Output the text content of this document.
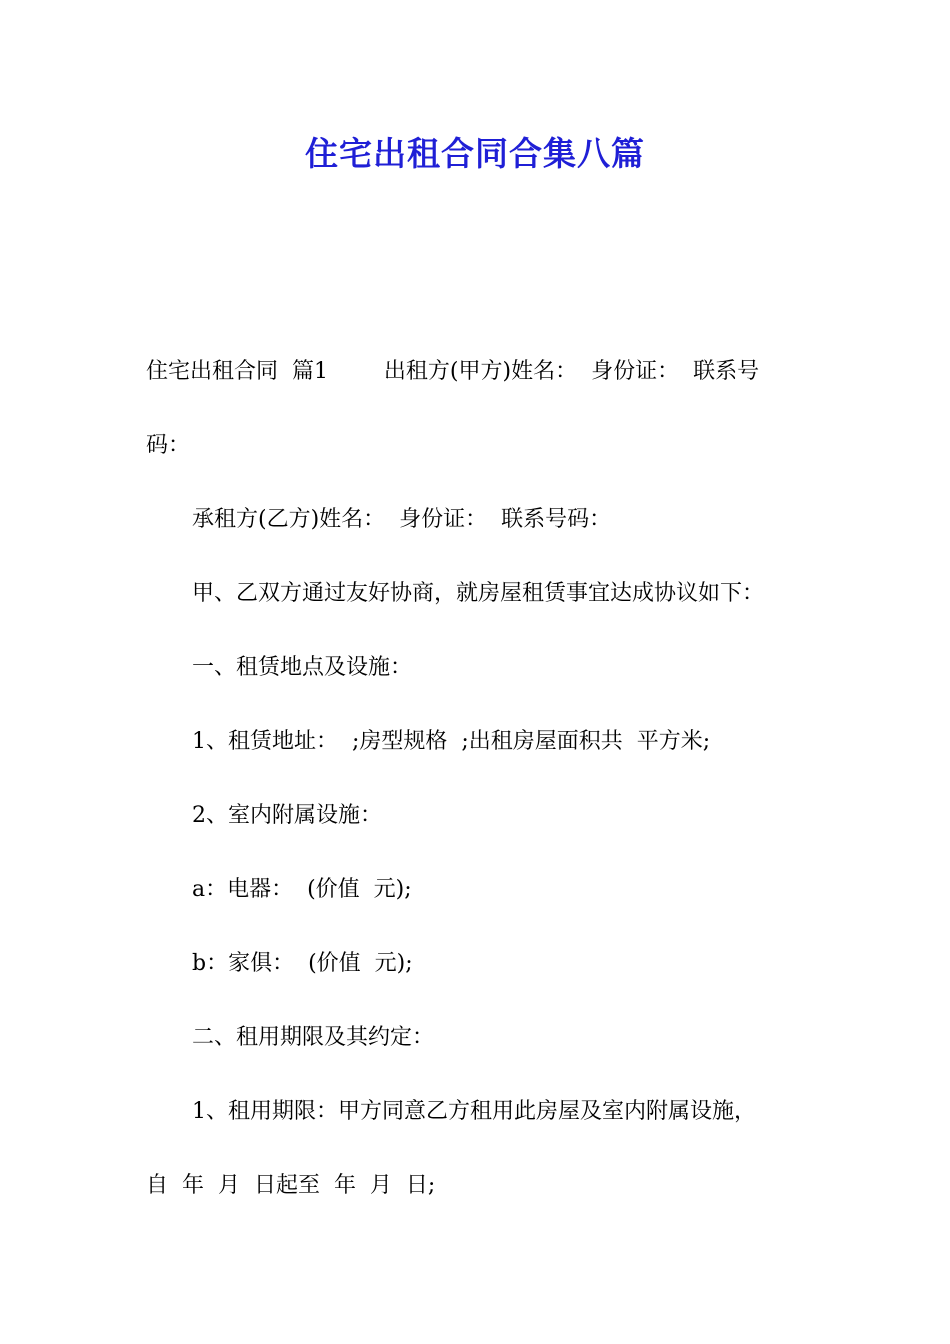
住宅出租合同合集八篇

住宅出租合同  篇1        出租方(甲方)姓名：  身份证：  联系号

码：

承租方(乙方)姓名：  身份证：  联系号码：

甲、乙双方通过友好协商，就房屋租赁事宜达成协议如下：

一、租赁地点及设施：

1、租赁地址：  ;房型规格  ;出租房屋面积共  平方米;

2、室内附属设施：

a：电器：  (价值  元);

b：家俱：  (价值  元);

二、租用期限及其约定：

1、租用期限：甲方同意乙方租用此房屋及室内附属设施，

自  年  月  日起至  年  月  日;
